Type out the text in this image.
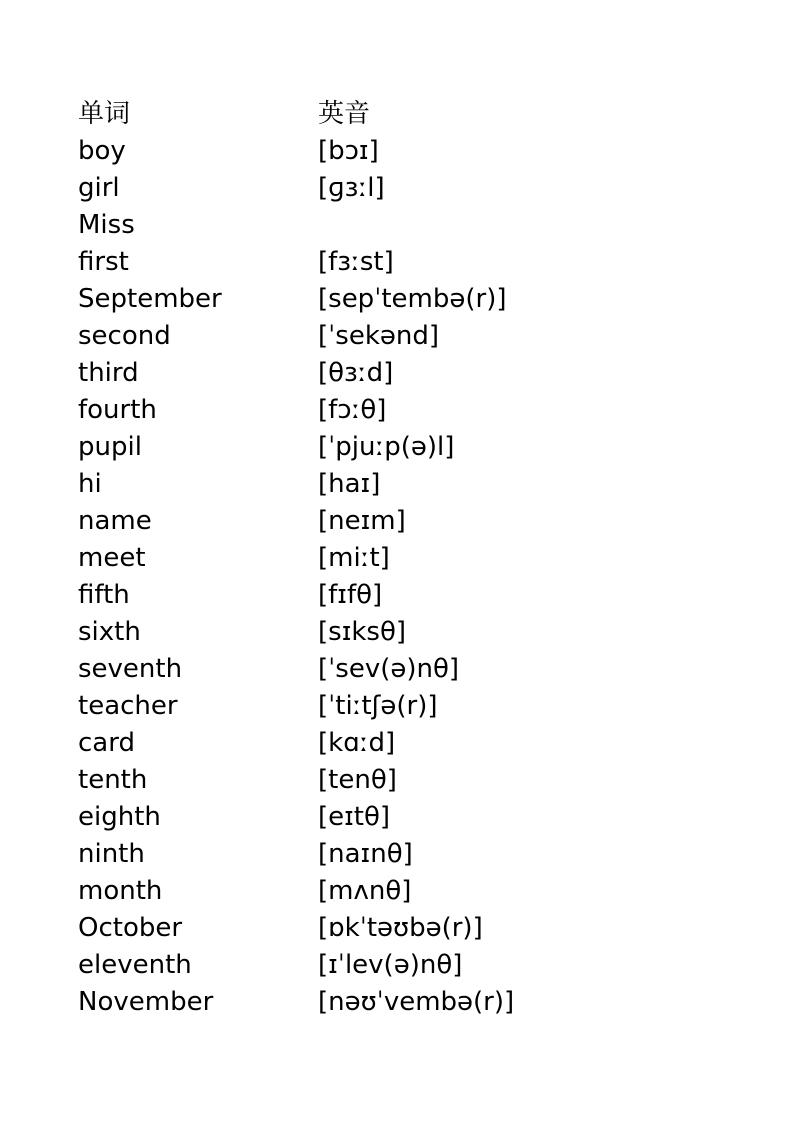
单词	英音
boy	[bɔɪ]
girl	[ɡɜːl]
Miss
first	[fɜːst]
September	[sepˈtembə(r)]
second	[ˈsekənd]
third	[θɜːd]
fourth	[fɔːθ]
pupil	[ˈpjuːp(ə)l]
hi	[haɪ]
name	[neɪm]
meet	[miːt]
fifth	[fɪfθ]
sixth	[sɪksθ]
seventh	[ˈsev(ə)nθ]
teacher	[ˈtiːtʃə(r)]
card	[kɑːd]
tenth	[tenθ]
eighth	[eɪtθ]
ninth	[naɪnθ]
month	[mʌnθ]
October	[ɒkˈtəʊbə(r)]
eleventh	[ɪˈlev(ə)nθ]
November	[nəʊˈvembə(r)]
